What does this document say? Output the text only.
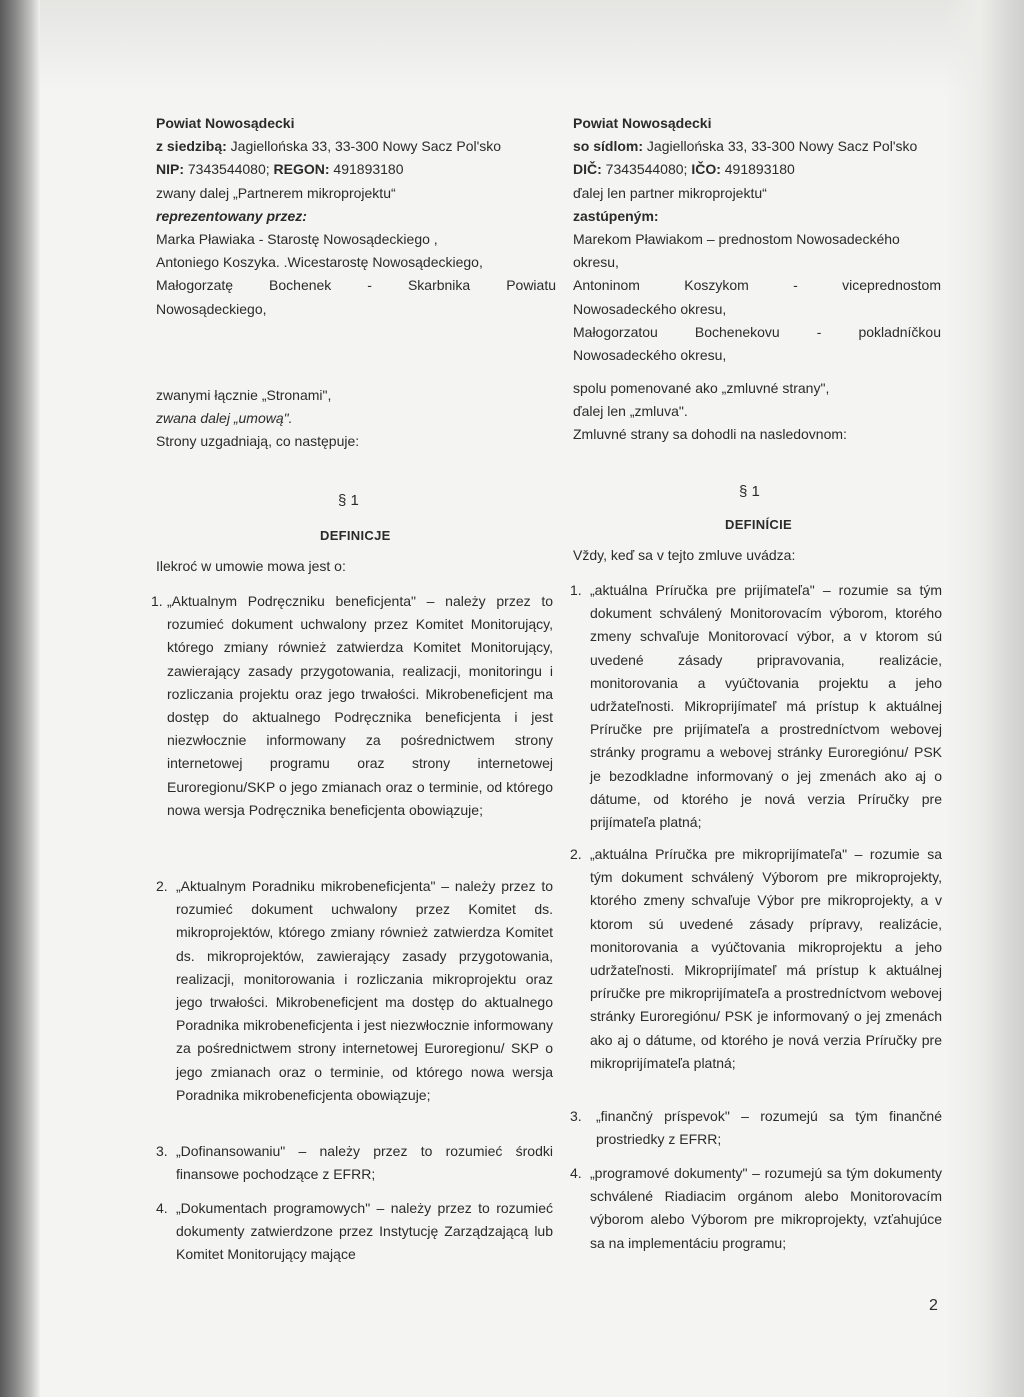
Powiat Nowosądecki

z siedzibą: Jagiellońska 33, 33-300 Nowy Sacz Pol'sko

NIP: 7343544080; REGON: 491893180

zwany dalej „Partnerem mikroprojektu“

reprezentowany przez:

Marka Pławiaka - Starostę Nowosądeckiego ,

Antoniego Koszyka. .Wicestarostę Nowosądeckiego,

Małogorzatę Bochenek - Skarbnika Powiatu

Nowosądeckiego,

Powiat Nowosądecki

so sídlom: Jagiellońska 33, 33-300 Nowy Sacz Pol'sko

DIČ: 7343544080; IČO: 491893180

ďalej len partner mikroprojektu“

zastúpeným:

Marekom Pławiakom – prednostom Nowosadeckého

okresu,

Antoninom Koszykom - viceprednostom

Nowosadeckého okresu,

Małogorzatou Bochenekovu - pokladníčkou

Nowosadeckého okresu,

zwanymi łącznie „Stronami",

zwana dalej „umową".

Strony uzgadniają, co następuje:

spolu pomenované ako „zmluvné strany",

ďalej len „zmluva".

Zmluvné strany sa dohodli na nasledovnom:

§ 1
DEFINICJE
§ 1
DEFINÍCIE
Ilekroć w umowie mowa jest o:
Vždy, keď sa v tejto zmluve uvádza:

1. „Aktualnym Podręczniku beneficjenta" – należy przez to rozumieć dokument uchwalony przez Komitet Monitorujący, którego zmiany również zatwierdza Komitet Monitorujący, zawierający zasady przygotowania, realizacji, monitoringu i rozliczania projektu oraz jego trwałości. Mikrobeneficjent ma dostęp do aktualnego Podręcznika beneficjenta i jest niezwłocznie informowany za pośrednictwem strony internetowej programu oraz strony internetowej Euroregionu/SKP o jego zmianach oraz o terminie, od którego nowa wersja Podręcznika beneficjenta obowiązuje;

2. „Aktualnym Poradniku mikrobeneficjenta" – należy przez to rozumieć dokument uchwalony przez Komitet ds. mikroprojektów, którego zmiany również zatwierdza Komitet ds. mikroprojektów, zawierający zasady przygotowania, realizacji, monitorowania i rozliczania mikroprojektu oraz jego trwałości. Mikrobeneficjent ma dostęp do aktualnego Poradnika mikrobeneficjenta i jest niezwłocznie informowany za pośrednictwem strony internetowej Euroregionu/ SKP o jego zmianach oraz o terminie, od którego nowa wersja Poradnika mikrobeneficjenta obowiązuje;

3. „Dofinansowaniu" – należy przez to rozumieć środki finansowe pochodzące z EFRR;

4. „Dokumentach programowych" – należy przez to rozumieć dokumenty zatwierdzone przez Instytucję Zarządzającą lub Komitet Monitorujący mające

1. „aktuálna Príručka pre prijímateľa" – rozumie sa tým dokument schválený Monitorovacím výborom, ktorého zmeny schvaľuje Monitorovací výbor, a v ktorom sú uvedené zásady pripravovania, realizácie, monitorovania a vyúčtovania projektu a jeho udržateľnosti. Mikroprijímateľ má prístup k aktuálnej Príručke pre prijímateľa a prostredníctvom webovej stránky programu a webovej stránky Euroregiónu/ PSK je bezodkladne informovaný o jej zmenách ako aj o dátume, od ktorého je nová verzia Príručky pre prijímateľa platná;

2. „aktuálna Príručka pre mikroprijímateľa" – rozumie sa tým dokument schválený Výborom pre mikroprojekty, ktorého zmeny schvaľuje Výbor pre mikroprojekty, a v ktorom sú uvedené zásady prípravy, realizácie, monitorovania a vyúčtovania mikroprojektu a jeho udržateľnosti. Mikroprijímateľ má prístup k aktuálnej príručke pre mikroprijímateľa a prostredníctvom webovej stránky Euroregiónu/ PSK je informovaný o jej zmenách ako aj o dátume, od ktorého je nová verzia Príručky pre mikroprijímateľa platná;

3. „finančný príspevok" – rozumejú sa tým finančné prostriedky z EFRR;

4. „programové dokumenty" – rozumejú sa tým dokumenty schválené Riadiacim orgánom alebo Monitorovacím výborom alebo Výborom pre mikroprojekty, vzťahujúce sa na implementáciu programu;

2
